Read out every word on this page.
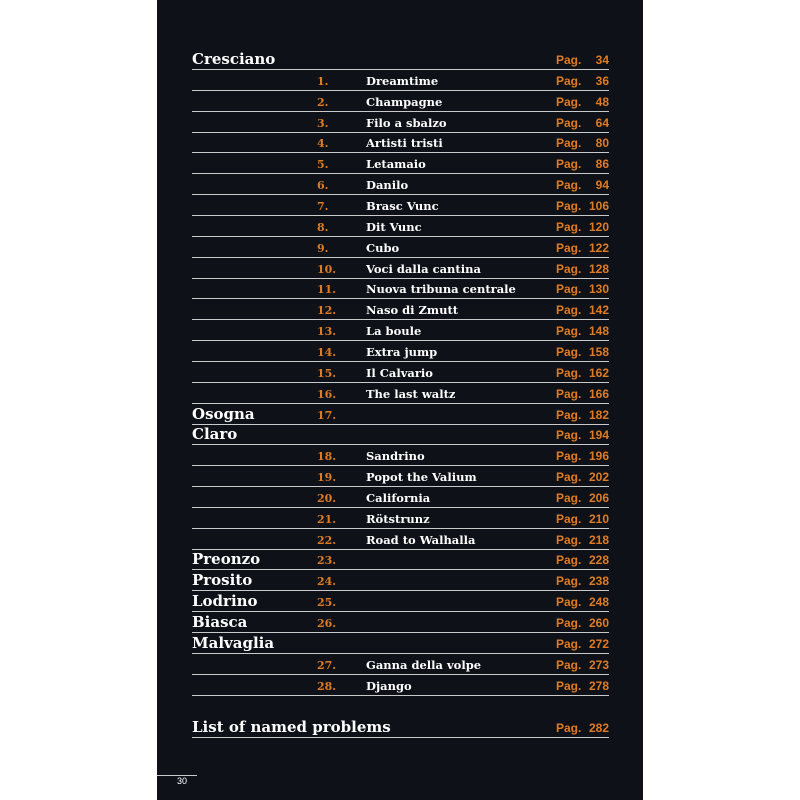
Cresciano	Pag. 34
1.	Dreamtime	Pag. 36
2.	Champagne	Pag. 48
3.	Filo a sbalzo	Pag. 64
4.	Artisti tristi	Pag. 80
5.	Letamaio	Pag. 86
6.	Danilo	Pag. 94
7.	Brasc Vunc	Pag. 106
8.	Dit Vunc	Pag. 120
9.	Cubo	Pag. 122
10.	Voci dalla cantina	Pag. 128
11.	Nuova tribuna centrale	Pag. 130
12.	Naso di Zmutt	Pag. 142
13.	La boule	Pag. 148
14.	Extra jump	Pag. 158
15.	Il Calvario	Pag. 162
16.	The last waltz	Pag. 166
Osogna	17.	Pag. 182
Claro	Pag. 194
18.	Sandrino	Pag. 196
19.	Popot the Valium	Pag. 202
20.	California	Pag. 206
21.	Rötstrunz	Pag. 210
22.	Road to Walhalla	Pag. 218
Preonzo	23.	Pag. 228
Prosito	24.	Pag. 238
Lodrino	25.	Pag. 248
Biasca	26.	Pag. 260
Malvaglia	Pag. 272
27.	Ganna della volpe	Pag. 273
28.	Django	Pag. 278
List of named problems	Pag. 282
30
